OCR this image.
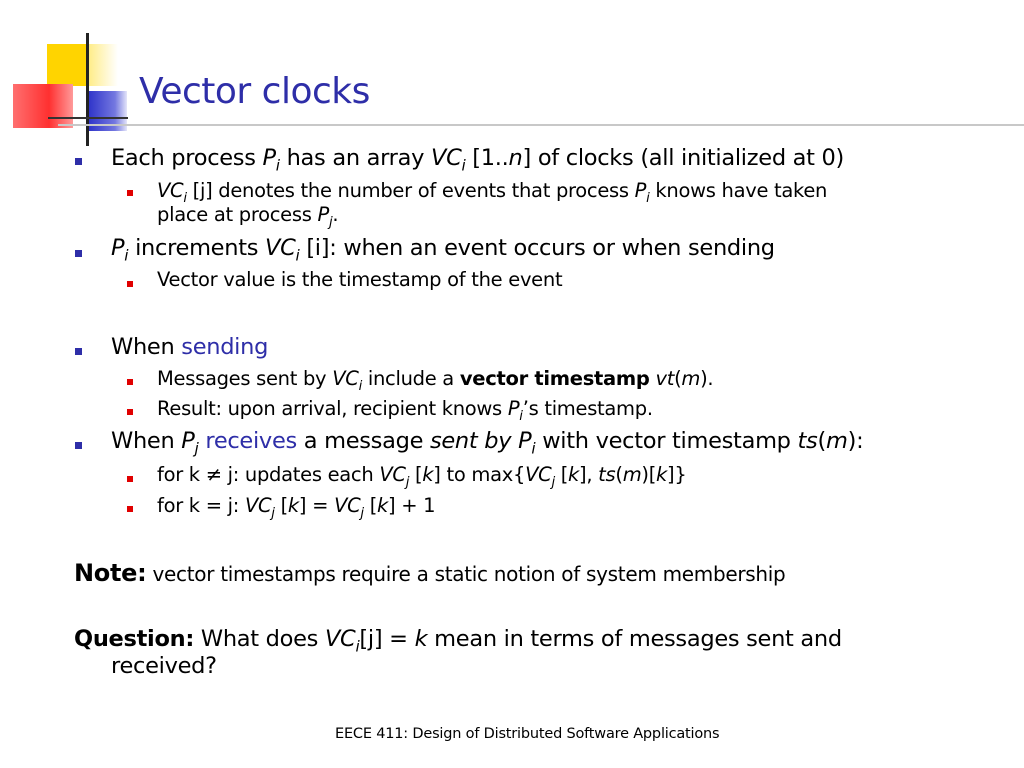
Vector clocks
Each process $P_i$ has an array $VC_i$ [1..n] of clocks (all initialized at 0)
$VC_i$ [j] denotes the number of events that process $P_i$ knows have taken
place at process $P_j$.
$P_i$ increments $VC_i$ [i]: when an event occurs or when sending
Vector value is the timestamp of the event
When sending
Messages sent by $VC_i$ include a vector timestamp vt(m).
Result: upon arrival, recipient knows $P_i’s$ timestamp.
When $P_j$ receives a message sent by $P_i$ with vector timestamp ts(m):
for k ≠ j: updates each $VC_j$ [k] to $\max\{VC_j$ [k], ts(m)[k]}
for k = j: $VC_j$ $[k] = VC_j$ [k] + 1
Note: vector timestamps require a static notion of system membership
Question: What does $VC_i[j] = k$ mean in terms of messages sent and
received?
EECE 411: Design of Distributed Software Applications
